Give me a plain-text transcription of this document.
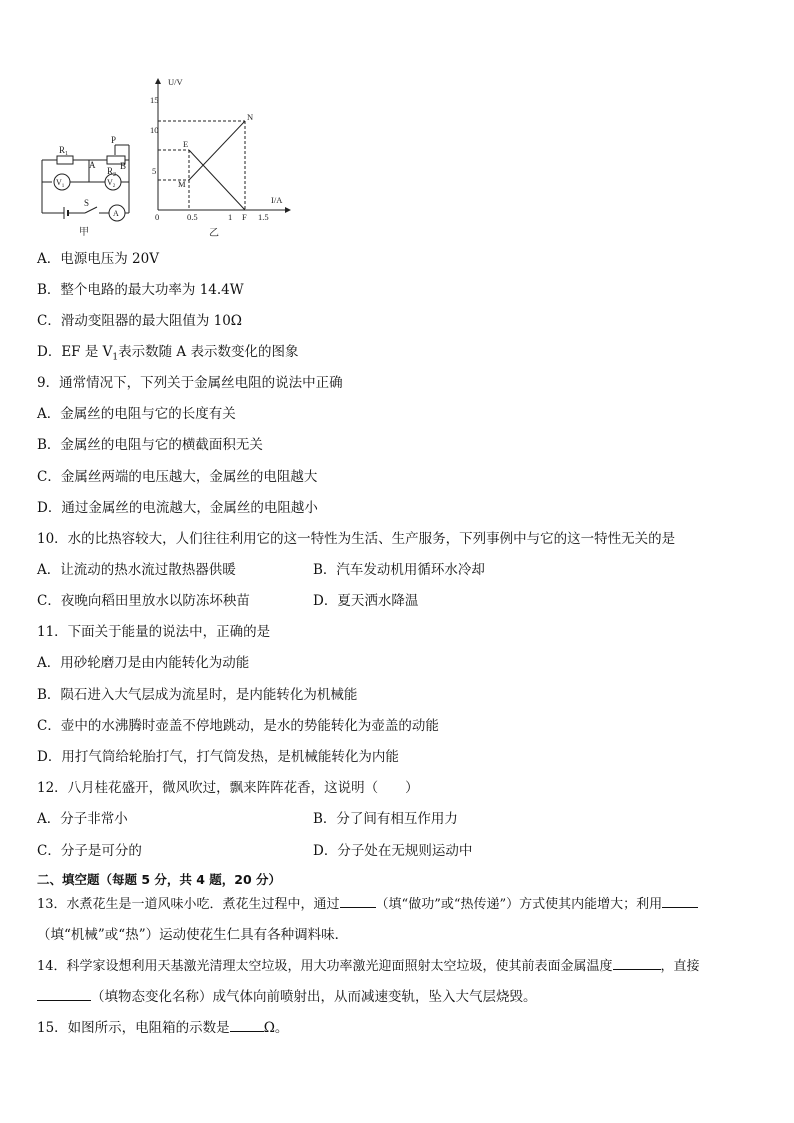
$R_1$
$R_2$
P
A	B
$V_1$	$V_2$
S
A
甲
U/V
I/A
15
10
5
0	0.5	1	1.5
N
E
M
F
乙
A．电源电压为 20V
B．整个电路的最大功率为 14.4W
C．滑动变阻器的最大阻值为 10Ω
D．EF 是 $V_1$表示数随 A 表示数变化的图象
9．通常情况下，下列关于金属丝电阻的说法中正确
A．金属丝的电阻与它的长度有关
B．金属丝的电阻与它的横截面积无关
C．金属丝两端的电压越大，金属丝的电阻越大
D．通过金属丝的电流越大，金属丝的电阻越小
10．水的比热容较大，人们往往利用它的这一特性为生活、生产服务，下列事例中与它的这一特性无关的是
A．让流动的热水流过散热器供暖	B．汽车发动机用循环水冷却
C．夜晚向稻田里放水以防冻坏秧苗	D．夏天洒水降温
11．下面关于能量的说法中，正确的是
A．用砂轮磨刀是由内能转化为动能
B．陨石进入大气层成为流星时，是内能转化为机械能
C．壶中的水沸腾时壶盖不停地跳动，是水的势能转化为壶盖的动能
D．用打气筒给轮胎打气，打气筒发热，是机械能转化为内能
12．八月桂花盛开，微风吹过，飘来阵阵花香，这说明（　　）
A．分子非常小	B．分了间有相互作用力
C．分子是可分的	D．分子处在无规则运动中
二、填空题（每题 5 分，共 4 题，20 分）
13．水煮花生是一道风味小吃．煮花生过程中，通过	（填“做功”或“热传递”）方式使其内能增大；利用
（填“机械”或“热”）运动使花生仁具有各种调料味．
14．科学家设想利用天基激光清理太空垃圾，用大功率激光迎面照射太空垃圾，使其前表面金属温度	，直接
（填物态变化名称）成气体向前喷射出，从而减速变轨，坠入大气层烧毁。
15．如图所示，电阻箱的示数是	Ω。
